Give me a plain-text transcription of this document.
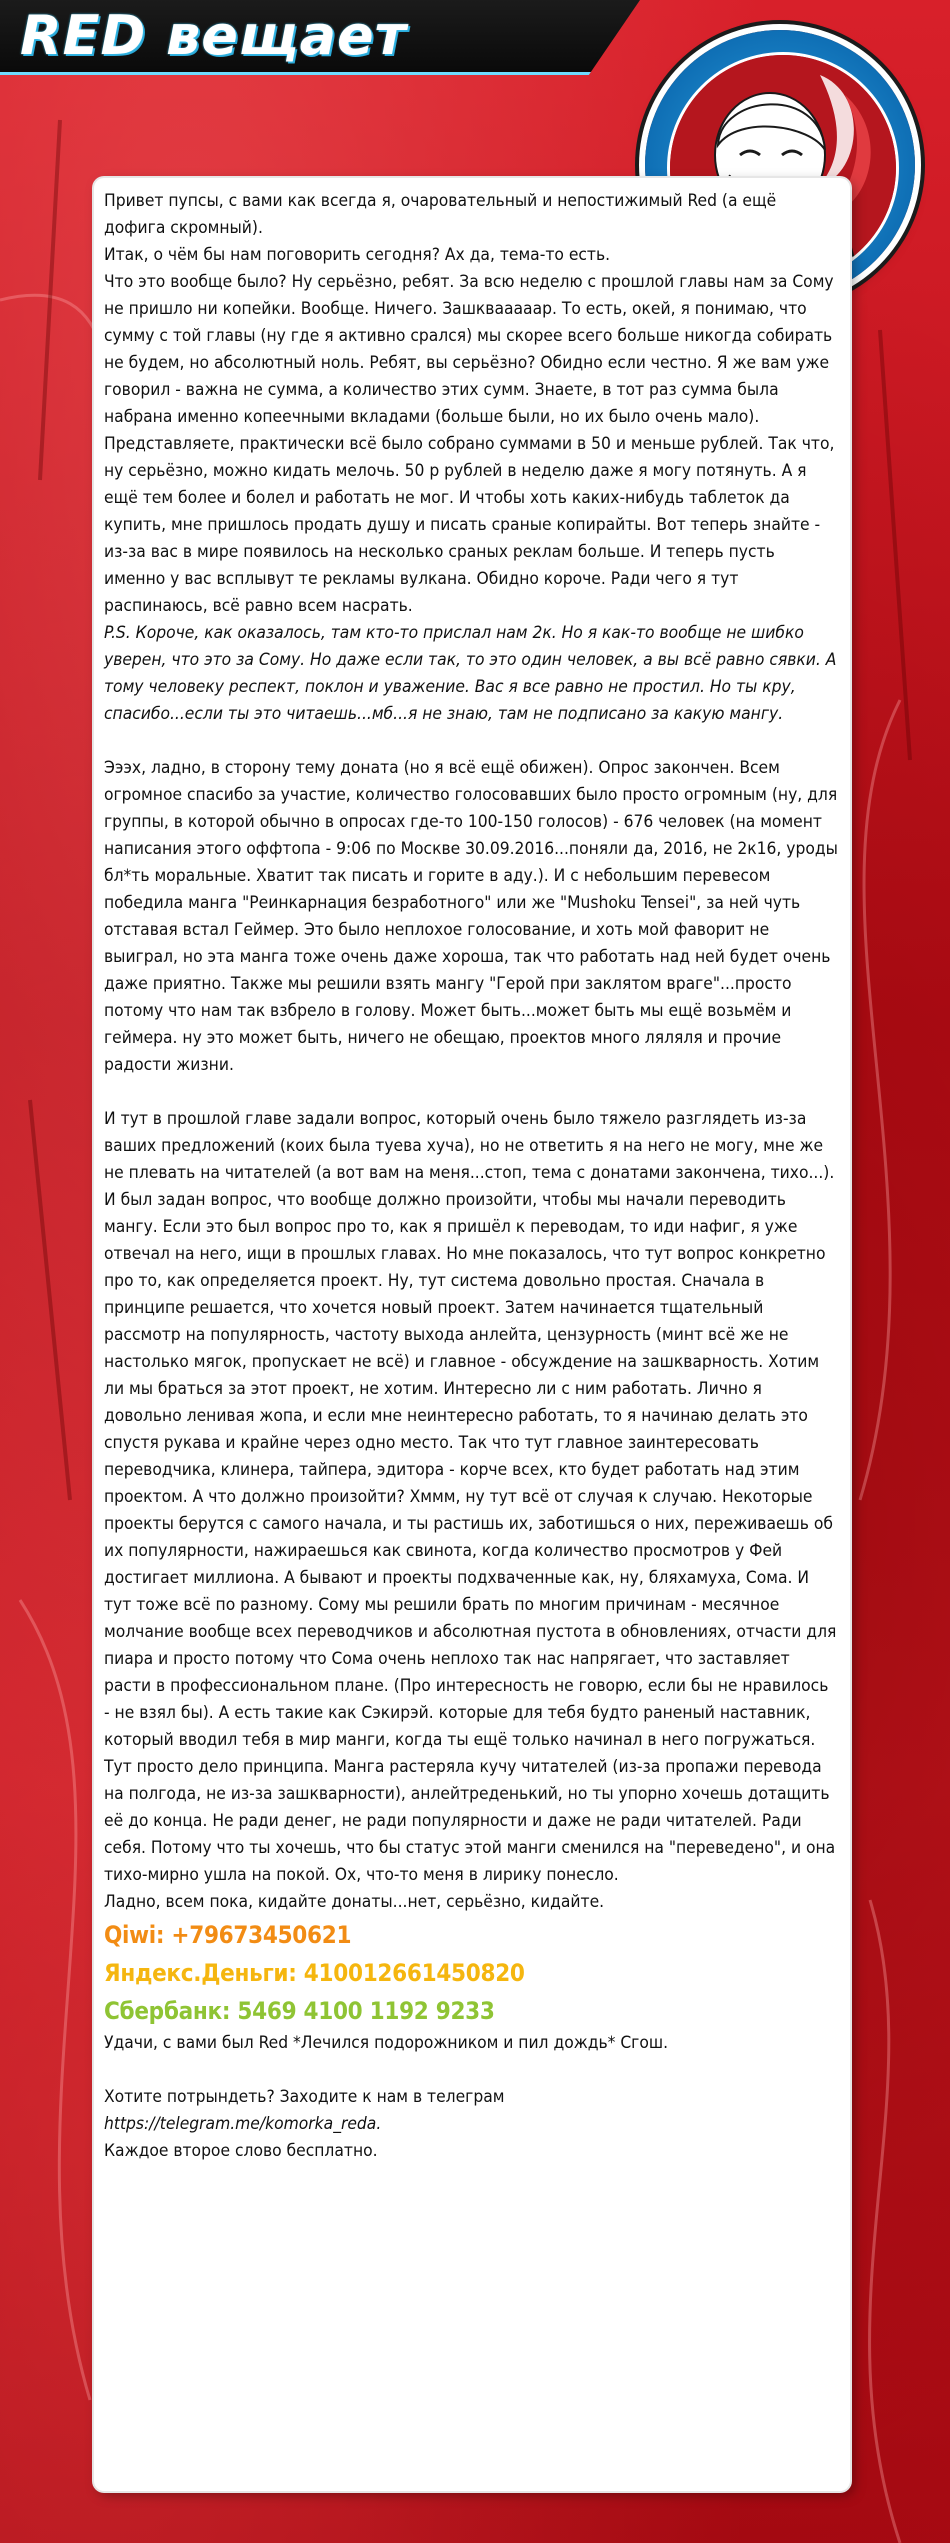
RED вещает

Привет пупсы, с вами как всегда я, очаровательный и непостижимый Red (а ещё дофига скромный).

Итак, о чём бы нам поговорить сегодня? Ах да, тема-то есть.

Что это вообще было? Ну серьёзно, ребят. За всю неделю с прошлой главы нам за Сому не пришло ни копейки. Вообще. Ничего. Зашквааааар. То есть, окей, я понимаю, что сумму с той главы (ну где я активно срался) мы скорее всего больше никогда собирать не будем, но абсолютный ноль. Ребят, вы серьёзно? Обидно если честно. Я же вам уже говорил - важна не сумма, а количество этих сумм. Знаете, в тот раз сумма была набрана именно копеечными вкладами (больше были, но их было очень мало). Представляете, практически всё было собрано суммами в 50 и меньше рублей. Так что, ну серьёзно, можно кидать мелочь. 50 р рублей в неделю даже я могу потянуть. А я ещё тем более и болел и работать не мог. И чтобы хоть каких-нибудь таблеток да купить, мне пришлось продать душу и писать сраные копирайты. Вот теперь знайте - из-за вас в мире появилось на несколько сраных реклам больше. И теперь пусть именно у вас всплывут те рекламы вулкана. Обидно короче. Ради чего я тут распинаюсь, всё равно всем насрать.

P.S. Короче, как оказалось, там кто-то прислал нам 2к. Но я как-то вообще не шибко уверен, что это за Сому. Но даже если так, то это один человек, а вы всё равно сявки. А тому человеку респект, поклон и уважение. Вас я все равно не простил. Но ты кру, спасибо...если ты это читаешь...мб...я не знаю, там не подписано за какую мангу.

Эээх, ладно, в сторону тему доната (но я всё ещё обижен). Опрос закончен. Всем огромное спасибо за участие, количество голосовавших было просто огромным (ну, для группы, в которой обычно в опросах где-то 100-150 голосов) - 676 человек (на момент написания этого оффтопа - 9:06 по Москве 30.09.2016...поняли да, 2016, не 2к16, уроды бл*ть моральные. Хватит так писать и горите в аду.). И с небольшим перевесом победила манга "Реинкарнация безработного" или же "Mushoku Tensei", за ней чуть отставая встал Геймер. Это было неплохое голосование, и хоть мой фаворит не выиграл, но эта манга тоже очень даже хороша, так что работать над ней будет очень даже приятно. Также мы решили взять мангу "Герой при заклятом враге"...просто потому что нам так взбрело в голову. Может быть...может быть мы ещё возьмём и геймера. ну это может быть, ничего не обещаю, проектов много ляляля и прочие радости жизни.

И тут в прошлой главе задали вопрос, который очень было тяжело разглядеть из-за ваших предложений (коих была туева хуча), но не ответить я на него не могу, мне же не плевать на читателей (а вот вам на меня...стоп, тема с донатами закончена, тихо...). И был задан вопрос, что вообще должно произойти, чтобы мы начали переводить мангу. Если это был вопрос про то, как я пришёл к переводам, то иди нафиг, я уже отвечал на него, ищи в прошлых главах. Но мне показалось, что тут вопрос конкретно про то, как определяется проект. Ну, тут система довольно простая. Сначала в принципе решается, что хочется новый проект. Затем начинается тщательный рассмотр на популярность, частоту выхода анлейта, цензурность (минт всё же не настолько мягок, пропускает не всё) и главное - обсуждение на зашкварность. Хотим ли мы браться за этот проект, не хотим. Интересно ли с ним работать. Лично я довольно ленивая жопа, и если мне неинтересно работать, то я начинаю делать это спустя рукава и крайне через одно место. Так что тут главное заинтересовать переводчика, клинера, тайпера, эдитора - корче всех, кто будет работать над этим проектом. А что должно произойти? Хммм, ну тут всё от случая к случаю. Некоторые проекты берутся с самого начала, и ты растишь их, заботишься о них, переживаешь об их популярности, нажираешься как свинота, когда количество просмотров у Фей достигает миллиона. А бывают и проекты подхваченные как, ну, бляхамуха, Сома. И тут тоже всё по разному. Сому мы решили брать по многим причинам - месячное молчание вообще всех переводчиков и абсолютная пустота в обновлениях, отчасти для пиара и просто потому что Сома очень неплохо так нас напрягает, что заставляет расти в профессиональном плане. (Про интересность не говорю, если бы не нравилось - не взял бы). А есть такие как Сэкирэй. которые для тебя будто раненый наставник, который вводил тебя в мир манги, когда ты ещё только начинал в него погружаться. Тут просто дело принципа. Манга растеряла кучу читателей (из-за пропажи перевода на полгода, не из-за зашкварности), анлейтреденький, но ты упорно хочешь дотащить её до конца. Не ради денег, не ради популярности и даже не ради читателей. Ради себя. Потому что ты хочешь, что бы статус этой манги сменился на "переведено", и она тихо-мирно ушла на покой. Ох, что-то меня в лирику понесло.

Ладно, всем пока, кидайте донаты...нет, серьёзно, кидайте.

Qiwi: +79673450621

Яндекс.Деньги: 410012661450820

Сбербанк: 5469 4100 1192 9233

Удачи, с вами был Red *Лечился подорожником и пил дождь* Сгош.

Хотите потрындеть? Заходите к нам в телеграм

https://telegram.me/komorka_reda.

Каждое второе слово бесплатно.
